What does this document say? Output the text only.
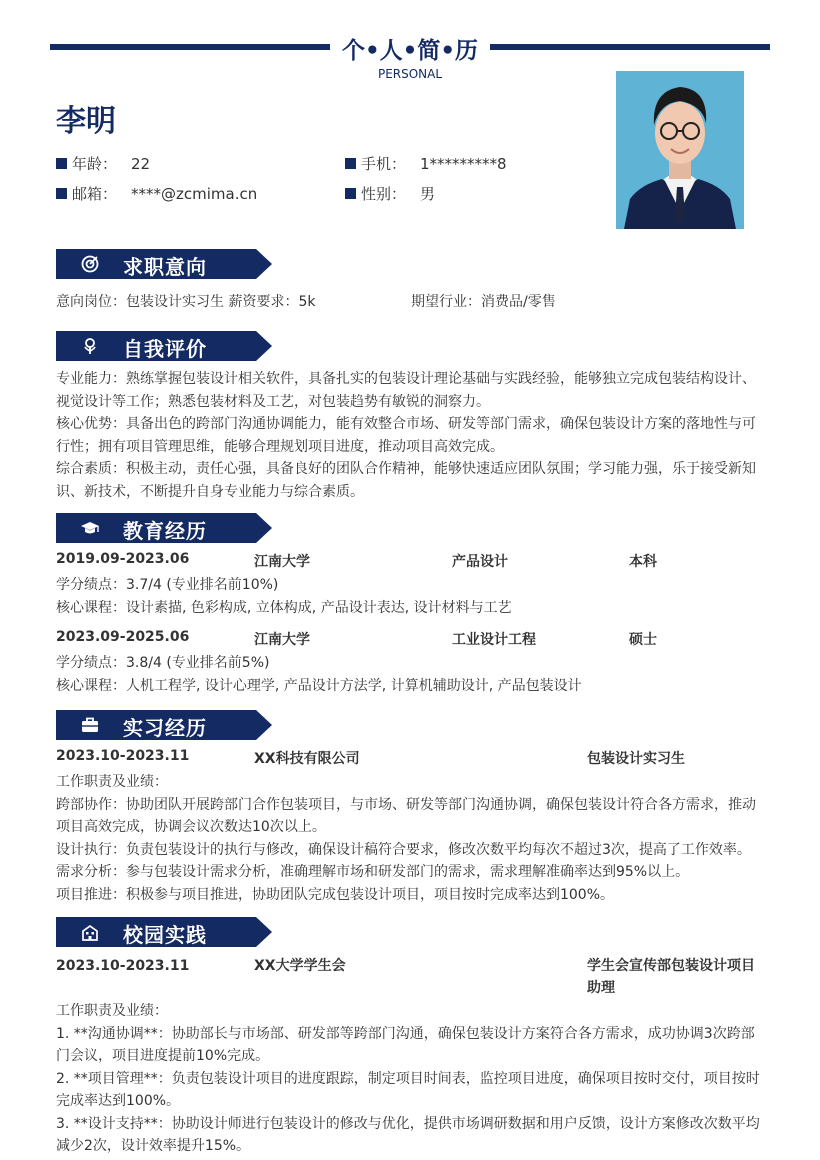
个•人•简•历
PERSONAL
李明
年龄： 22	手机： 1*********8
邮箱： ****@zcmima.cn	性别： 男
求职意向
意向岗位：包装设计实习生 薪资要求：5k	期望行业：消费品/零售
自我评价
专业能力：熟练掌握包装设计相关软件，具备扎实的包装设计理论基础与实践经验，能够独立完成包装结构设计、视觉设计等工作；熟悉包装材料及工艺，对包装趋势有敏锐的洞察力。
核心优势：具备出色的跨部门沟通协调能力，能有效整合市场、研发等部门需求，确保包装设计方案的落地性与可行性；拥有项目管理思维，能够合理规划项目进度，推动项目高效完成。
综合素质：积极主动，责任心强，具备良好的团队合作精神，能够快速适应团队氛围；学习能力强，乐于接受新知识、新技术，不断提升自身专业能力与综合素质。
教育经历
2019.09-2023.06	江南大学	产品设计	本科
学分绩点：3.7/4 (专业排名前10%)
核心课程：设计素描, 色彩构成, 立体构成, 产品设计表达, 设计材料与工艺
2023.09-2025.06	江南大学	工业设计工程	硕士
学分绩点：3.8/4 (专业排名前5%)
核心课程：人机工程学, 设计心理学, 产品设计方法学, 计算机辅助设计, 产品包装设计
实习经历
2023.10-2023.11	XX科技有限公司	包装设计实习生
工作职责及业绩：
跨部协作：协助团队开展跨部门合作包装项目，与市场、研发等部门沟通协调，确保包装设计符合各方需求，推动项目高效完成，协调会议次数达10次以上。
设计执行：负责包装设计的执行与修改，确保设计稿符合要求，修改次数平均每次不超过3次，提高了工作效率。
需求分析：参与包装设计需求分析，准确理解市场和研发部门的需求，需求理解准确率达到95%以上。
项目推进：积极参与项目推进，协助团队完成包装设计项目，项目按时完成率达到100%。
校园实践
2023.10-2023.11	XX大学学生会	学生会宣传部包装设计项目助理
工作职责及业绩：
1. **沟通协调**：协助部长与市场部、研发部等跨部门沟通，确保包装设计方案符合各方需求，成功协调3次跨部门会议，项目进度提前10%完成。
2. **项目管理**：负责包装设计项目的进度跟踪，制定项目时间表，监控项目进度，确保项目按时交付，项目按时完成率达到100%。
3. **设计支持**：协助设计师进行包装设计的修改与优化，提供市场调研数据和用户反馈，设计方案修改次数平均减少2次，设计效率提升15%。
